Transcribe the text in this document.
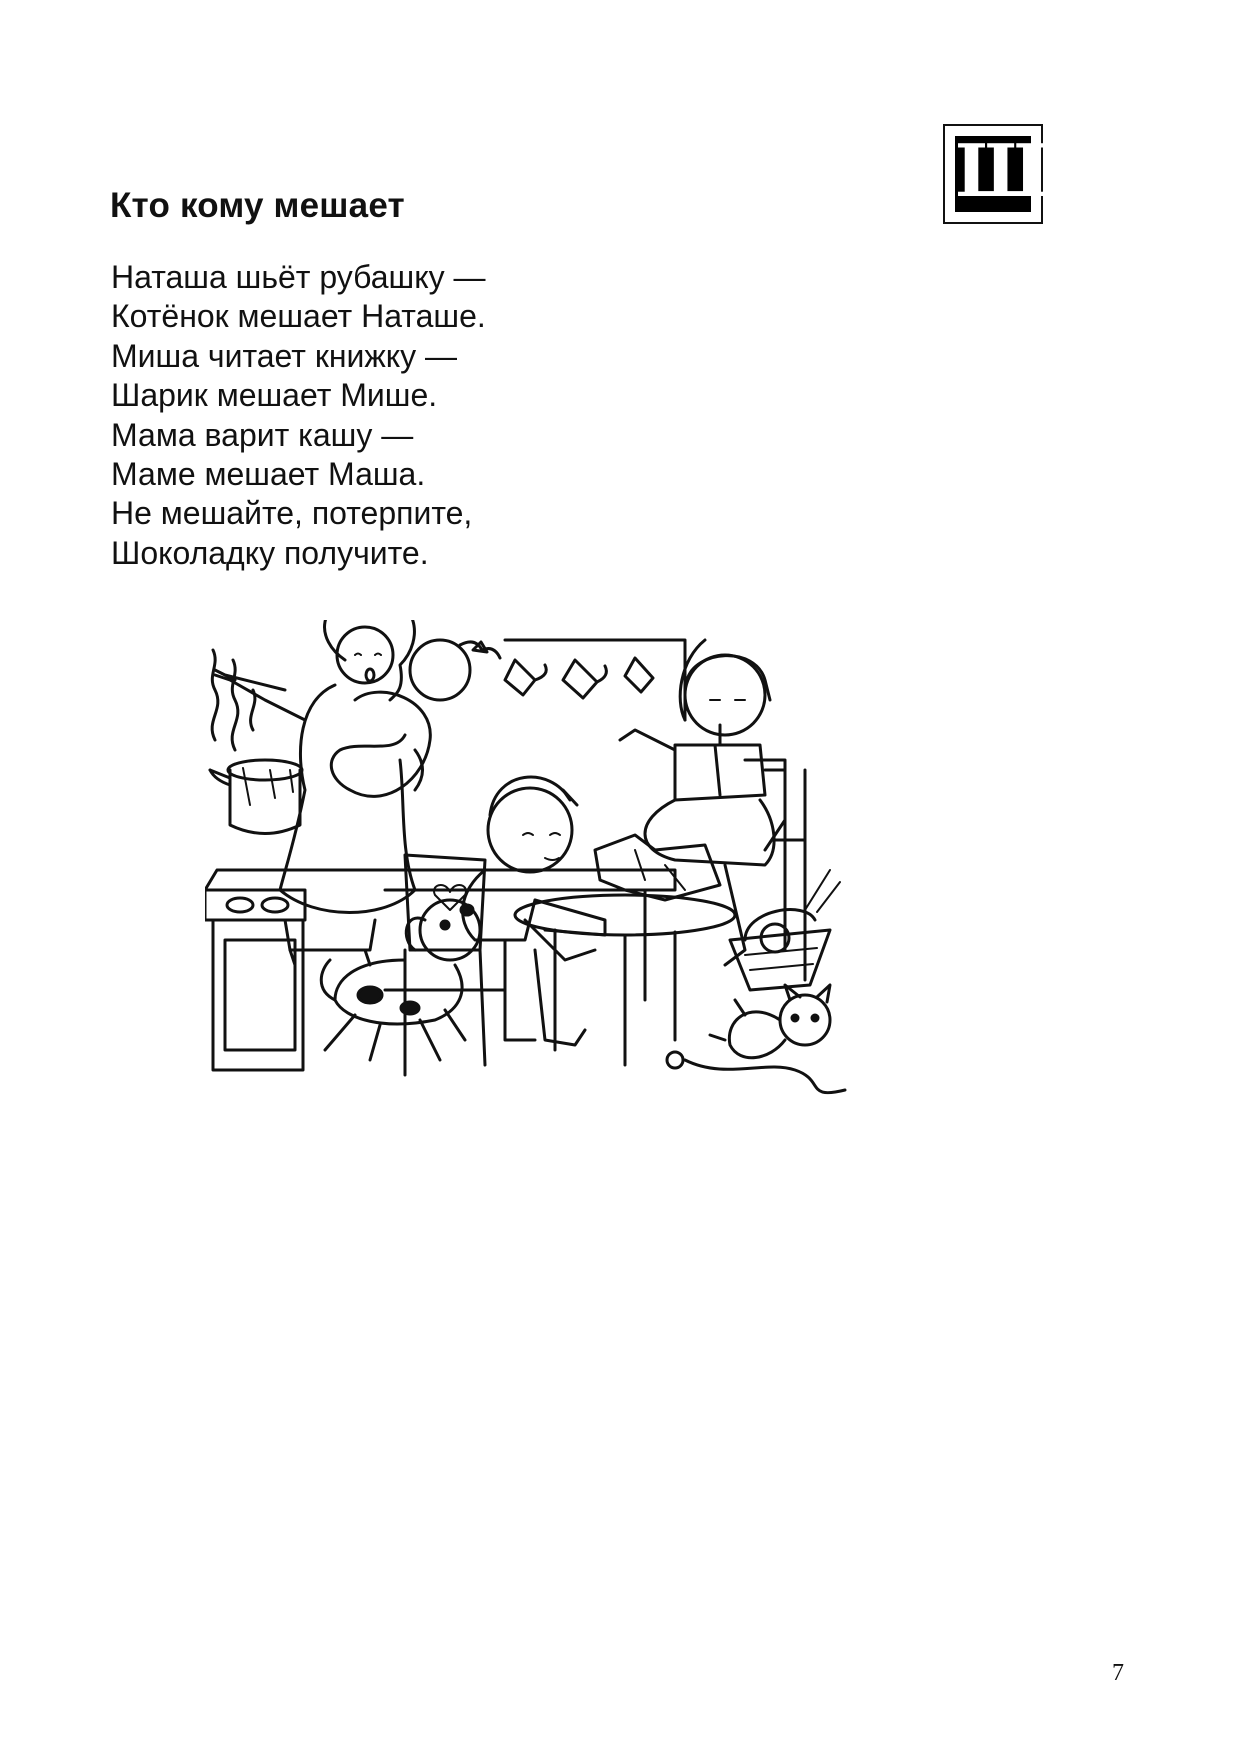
Кто кому мешает	Ш
Наташа шьёт рубашку —
Котёнок мешает Наташе.
Миша читает книжку —
Шарик мешает Мише.
Мама варит кашу —
Маме мешает Маша.
Не мешайте, потерпите,
Шоколадку получите.
7
